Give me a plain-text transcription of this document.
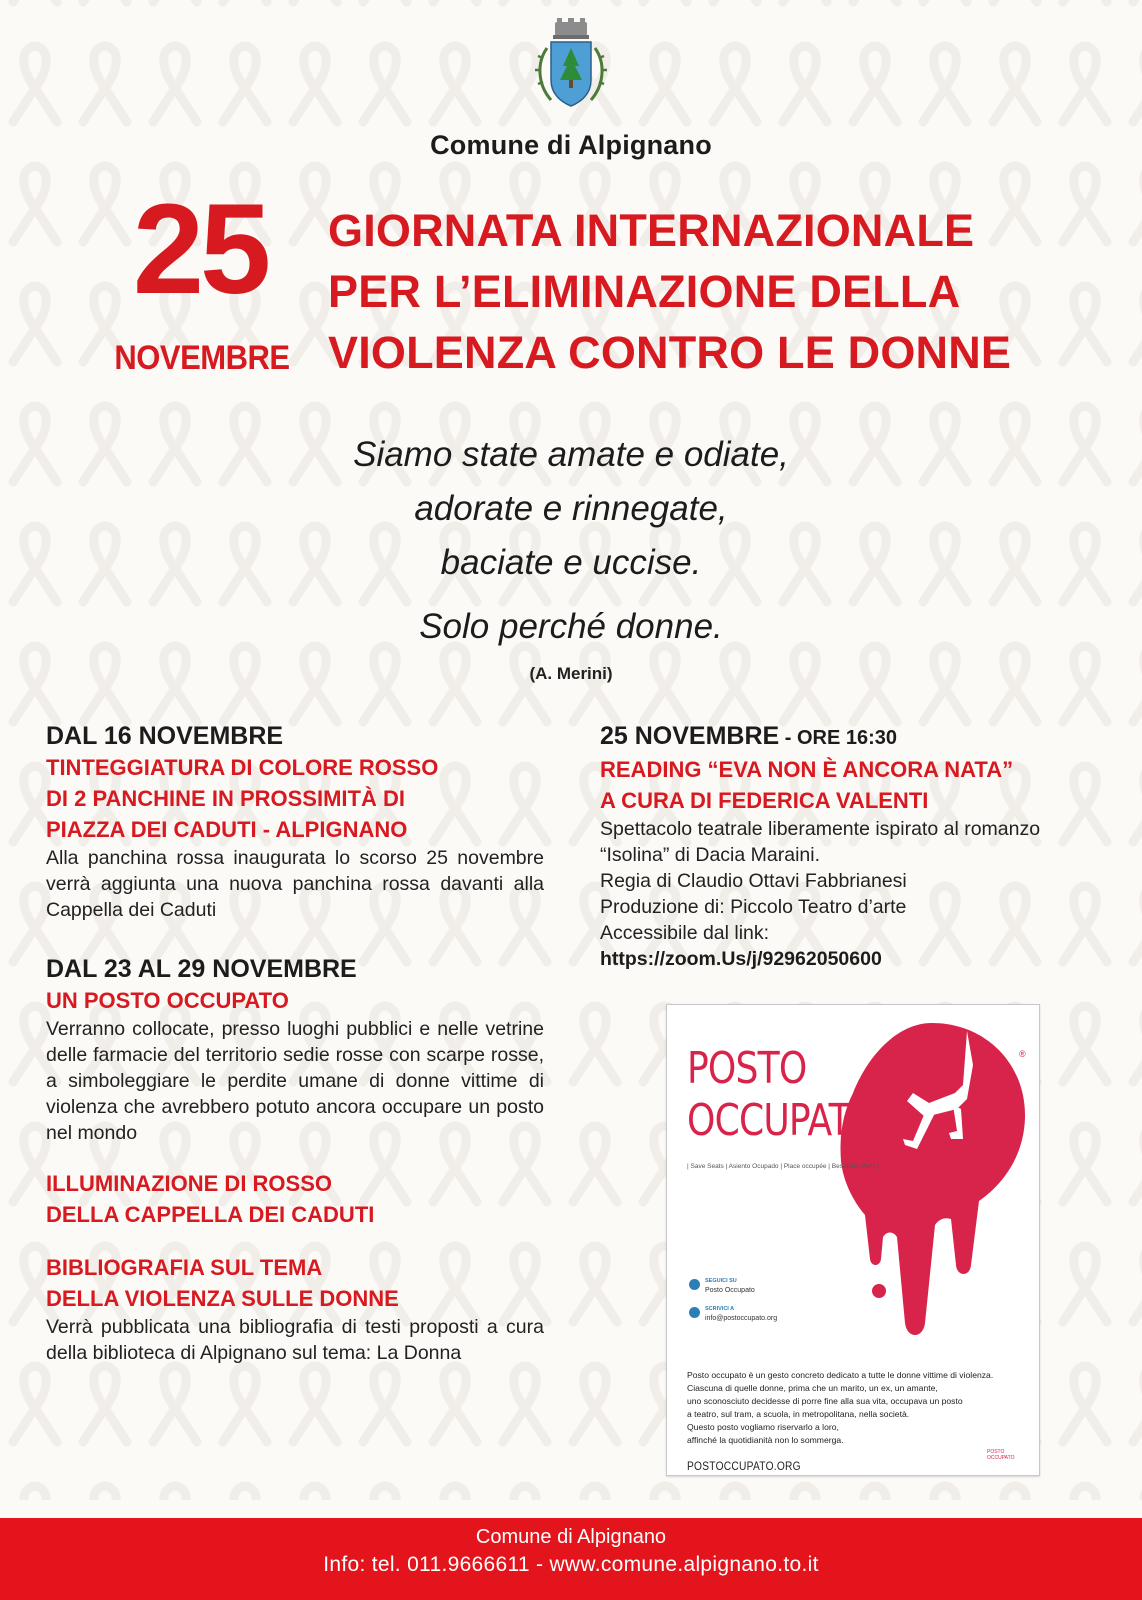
Comune di Alpignano
25
NOVEMBRE
GIORNATA INTERNAZIONALE
PER L’ELIMINAZIONE DELLA
VIOLENZA CONTRO LE DONNE
Siamo state amate e odiate,
adorate e rinnegate,
baciate e uccise.
Solo perché donne.
(A. Merini)
DAL 16 NOVEMBRE
TINTEGGIATURA DI COLORE ROSSO
DI 2 PANCHINE IN PROSSIMITÀ DI
PIAZZA DEI CADUTI - ALPIGNANO
Alla panchina rossa inaugurata lo scorso 25 novembre verrà aggiunta una nuova panchina rossa davanti alla Cappella dei Caduti
DAL 23 AL 29 NOVEMBRE
UN POSTO OCCUPATO
Verranno collocate, presso luoghi pubblici e nelle vetrine delle farmacie del territorio sedie rosse con scarpe rosse, a simboleggiare le perdite umane di donne vittime di violenza che avrebbero potuto ancora occupare un posto nel mondo
ILLUMINAZIONE DI ROSSO
DELLA CAPPELLA DEI CADUTI
BIBLIOGRAFIA SUL TEMA
DELLA VIOLENZA SULLE DONNE
Verrà pubblicata una bibliografia di testi proposti a cura della biblioteca di Alpignano sul tema: La Donna
25 NOVEMBRE - ORE 16:30
READING “EVA NON È ANCORA NATA”
A CURA DI FEDERICA VALENTI
Spettacolo teatrale liberamente ispirato al romanzo
“Isolina” di Dacia Maraini.
Regia di Claudio Ottavi Fabbrianesi
Produzione di: Piccolo Teatro d’arte
Accessibile dal link:
https://zoom.Us/j/92962050600
POSTO
OCCUPATO
®
| Save Seats | Asiento Ocupado | Place occupée | Besetzter Platz |
SEGUICI SU
Posto Occupato
SCRIVICI A
info@postoccupato.org
Posto occupato è un gesto concreto dedicato a tutte le donne vittime di violenza.
Ciascuna di quelle donne, prima che un marito, un ex, un amante,
uno sconosciuto decidesse di porre fine alla sua vita, occupava un posto
a teatro, sul tram, a scuola, in metropolitana, nella società.
Questo posto vogliamo riservarlo a loro,
affinché la quotidianità non lo sommerga.
POSTOCCUPATO.ORG
POSTO
OCCUPATO
Comune di Alpignano
Info: tel. 011.9666611 - www.comune.alpignano.to.it
